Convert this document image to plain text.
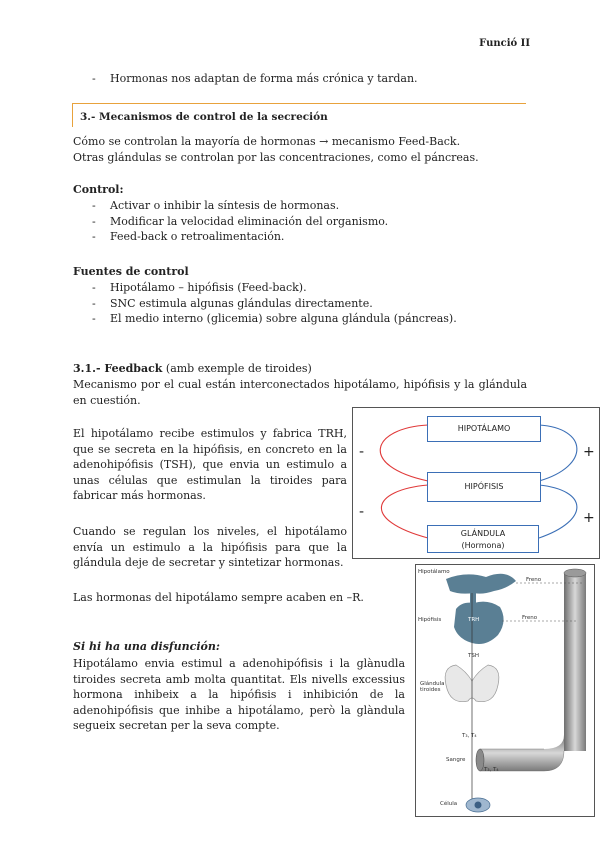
Funció II
- Hormonas nos adaptan de forma más crónica y tardan.
3.- Mecanismos de control de la secreción
Cómo se controlan la mayoría de hormonas → mecanismo Feed-Back.
Otras glándulas se controlan por las concentraciones, como el páncreas.
Control:
- Activar o inhibir la síntesis de hormonas.
- Modificar la velocidad eliminación del organismo.
- Feed-back o retroalimentación.
Fuentes de control
- Hipotálamo – hipófisis (Feed-back).
- SNC estimula algunas glándulas directamente.
- El medio interno (glicemia) sobre alguna glándula (páncreas).
3.1.- Feedback (amb exemple de tiroides)
Mecanismo por el cual están interconectados hipotálamo, hipófisis y la glándula en cuestión.
El hipotálamo recibe estimulos y fabrica TRH, que se secreta en la hipófisis, en concreto en la adenohipófisis (TSH), que envia un estimulo a unas células que estimulan la tiroides para fabricar más hormonas.
Cuando se regulan los niveles, el hipotálamo envía un estimulo a la hipófisis para que la glándula deje de secretar y sintetizar hormonas.
Las hormonas del hipotálamo sempre acaben en –R.
Si hi ha una disfunción:
Hipotálamo envia estimul a adenohipófisis i la glànudla tiroides secreta amb molta quantitat. Els nivells excessius hormona inhibeix a la hipófisis i inhibición de la adenohipófisis que inhibe a hipotálamo, però la glàndula segueix secretan per la seva compte.
HIPOTÁLAMO
HIPÓFISIS
GLÁNDULA
(Hormona)
-
-
+
+
Hipotálamo
Freno
Hipófisis	TRH	Freno
TSH
Glándula tiroides
T₃, T₄
Sangre
T₃, T₄
Célula
